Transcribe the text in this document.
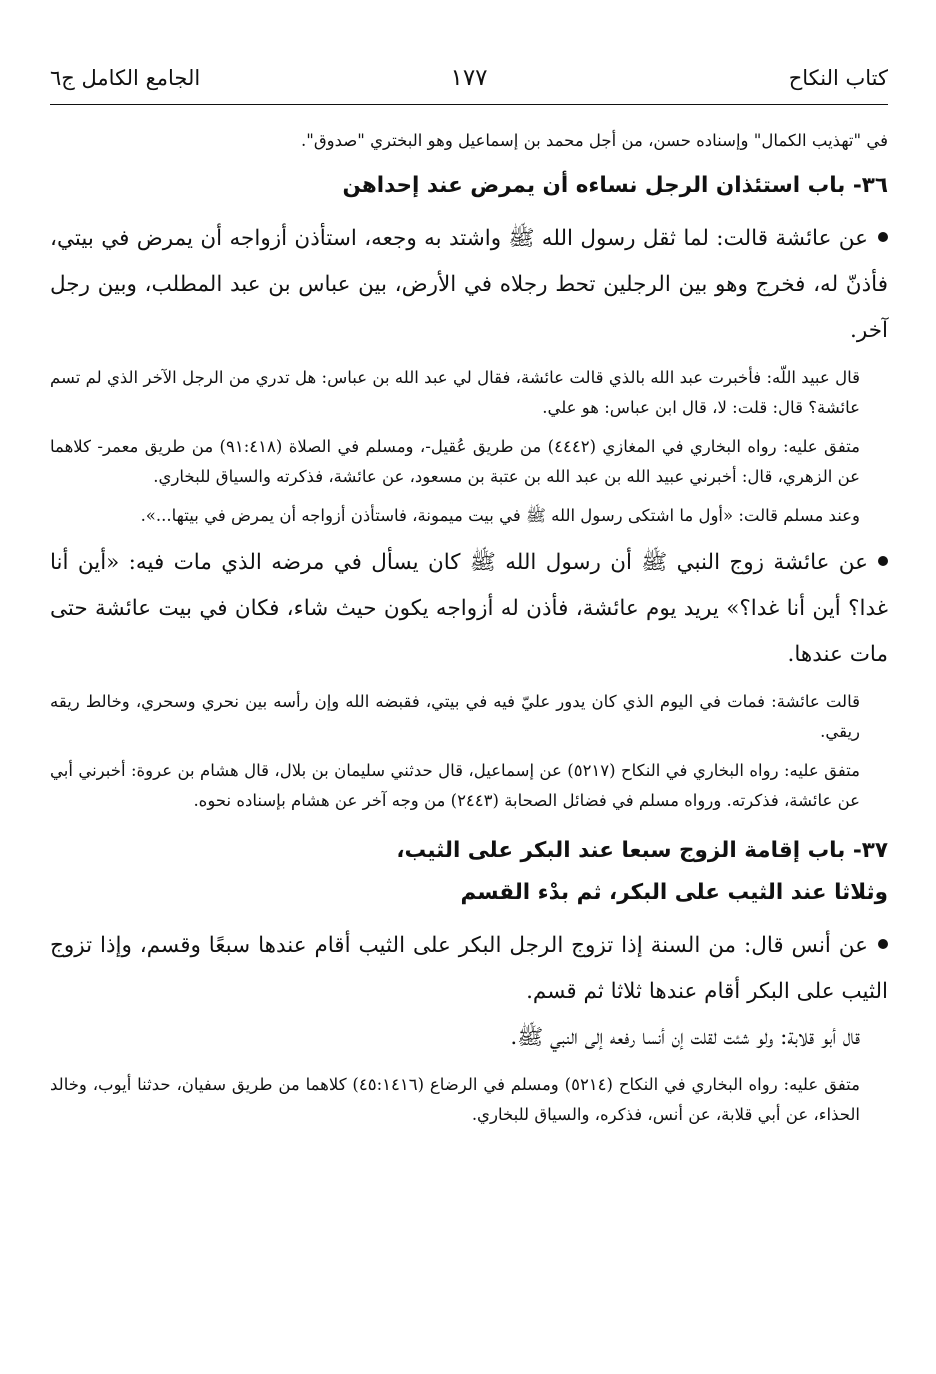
كتاب النكاح
١٧٧
الجامع الكامل ج٦

في "تهذيب الكمال" وإسناده حسن، من أجل محمد بن إسماعيل وهو البختري "صدوق".

٣٦- باب استئذان الرجل نساءه أن يمرض عند إحداهن

عن عائشة قالت: لما ثقل رسول الله ﷺ واشتد به وجعه، استأذن أزواجه أن يمرض في بيتي، فأذنّ له، فخرج وهو بين الرجلين تحط رجلاه في الأرض، بين عباس بن عبد المطلب، وبين رجل آخر.

قال عبيد اللّه: فأخبرت عبد الله بالذي قالت عائشة، فقال لي عبد الله بن عباس: هل تدري من الرجل الآخر الذي لم تسم عائشة؟ قال: قلت: لا، قال ابن عباس: هو علي.

متفق عليه: رواه البخاري في المغازي (٤٤٤٢) من طريق عُقيل-، ومسلم في الصلاة (٩١:٤١٨) من طريق معمر- كلاهما عن الزهري، قال: أخبرني عبيد الله بن عبد الله بن عتبة بن مسعود، عن عائشة، فذكرته والسياق للبخاري.

وعند مسلم قالت: «أول ما اشتكى رسول الله ﷺ في بيت ميمونة، فاستأذن أزواجه أن يمرض في بيتها...».

عن عائشة زوج النبي ﷺ أن رسول الله ﷺ كان يسأل في مرضه الذي مات فيه: «أين أنا غدا؟ أين أنا غدا؟» يريد يوم عائشة، فأذن له أزواجه يكون حيث شاء، فكان في بيت عائشة حتى مات عندها.

قالت عائشة: فمات في اليوم الذي كان يدور عليّ فيه في بيتي، فقبضه الله وإن رأسه بين نحري وسحري، وخالط ريقه ريقي.

متفق عليه: رواه البخاري في النكاح (٥٢١٧) عن إسماعيل، قال حدثني سليمان بن بلال، قال هشام بن عروة: أخبرني أبي عن عائشة، فذكرته. ورواه مسلم في فضائل الصحابة (٢٤٤٣) من وجه آخر عن هشام بإسناده نحوه.

٣٧- باب إقامة الزوج سبعا عند البكر على الثيب،

وثلاثا عند الثيب على البكر، ثم بدْء القسم

عن أنس قال: من السنة إذا تزوج الرجل البكر على الثيب أقام عندها سبعًا وقسم، وإذا تزوج الثيب على البكر أقام عندها ثلاثا ثم قسم.

قال أبو قلابة: ولو شئت لقلت إن أنسا رفعه إلى النبي ﷺ.

متفق عليه: رواه البخاري في النكاح (٥٢١٤) ومسلم في الرضاع (٤٥:١٤١٦) كلاهما من طريق سفيان، حدثنا أيوب، وخالد الحذاء، عن أبي قلابة، عن أنس، فذكره، والسياق للبخاري.
